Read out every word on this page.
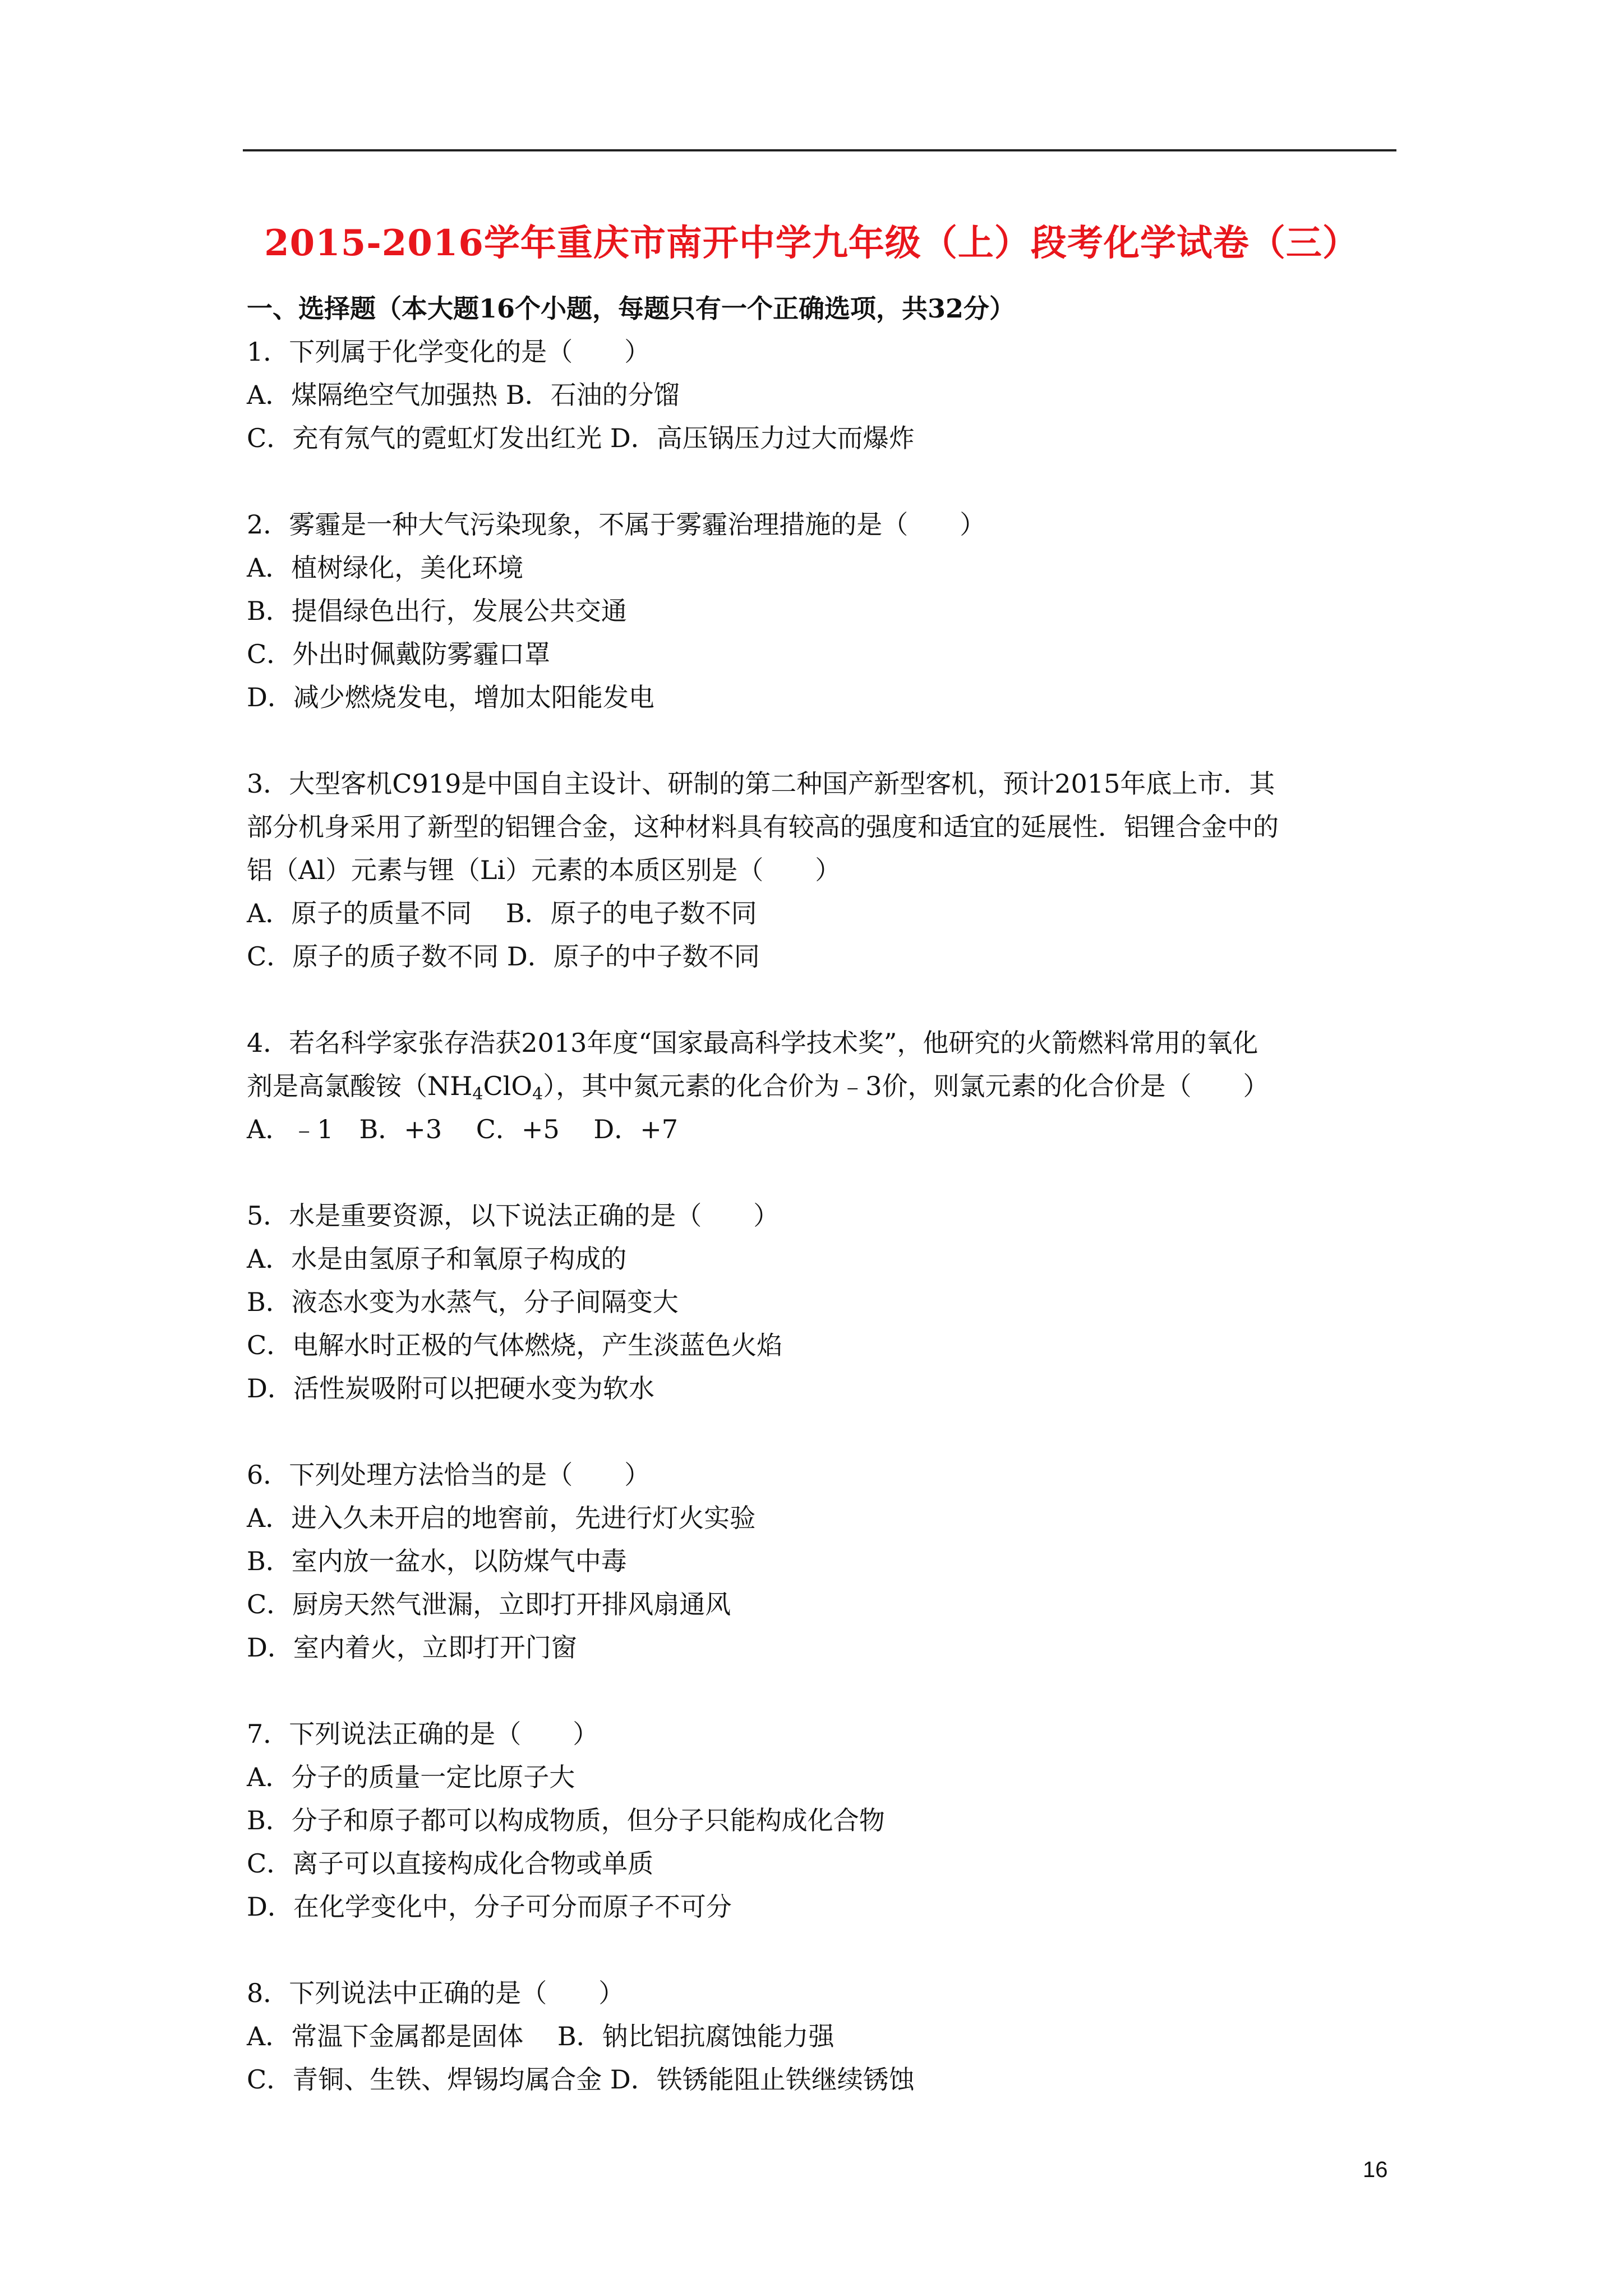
2015-2016学年重庆市南开中学九年级（上）段考化学试卷（三）
一、选择题（本大题16个小题，每题只有一个正确选项，共32分）
1．下列属于化学变化的是（　　）
A．煤隔绝空气加强热 B．石油的分馏
C．充有氖气的霓虹灯发出红光 D．高压锅压力过大而爆炸
2．雾霾是一种大气污染现象，不属于雾霾治理措施的是（　　）
A．植树绿化，美化环境
B．提倡绿色出行，发展公共交通
C．外出时佩戴防雾霾口罩
D．减少燃烧发电，增加太阳能发电
3．大型客机C919是中国自主设计、研制的第二种国产新型客机，预计2015年底上市．其
部分机身采用了新型的铝锂合金，这种材料具有较高的强度和适宜的延展性．铝锂合金中的
铝（Al）元素与锂（Li）元素的本质区别是（　　）
A．原子的质量不同　 B．原子的电子数不同
C．原子的质子数不同 D．原子的中子数不同
4．若名科学家张存浩获2013年度“国家最高科学技术奖”，他研究的火箭燃料常用的氧化
剂是高氯酸铵$(NH_4ClO_4)$，其中氮元素的化合价为﹣3价，则氯元素的化合价是（　　）
A．﹣1　B．+3　 C．+5　 D．+7
5．水是重要资源，以下说法正确的是（　　）
A．水是由氢原子和氧原子构成的
B．液态水变为水蒸气，分子间隔变大
C．电解水时正极的气体燃烧，产生淡蓝色火焰
D．活性炭吸附可以把硬水变为软水
6．下列处理方法恰当的是（　　）
A．进入久未开启的地窖前，先进行灯火实验
B．室内放一盆水，以防煤气中毒
C．厨房天然气泄漏，立即打开排风扇通风
D．室内着火，立即打开门窗
7．下列说法正确的是（　　）
A．分子的质量一定比原子大
B．分子和原子都可以构成物质，但分子只能构成化合物
C．离子可以直接构成化合物或单质
D．在化学变化中，分子可分而原子不可分
8．下列说法中正确的是（　　）
A．常温下金属都是固体　 B．钠比铝抗腐蚀能力强
C．青铜、生铁、焊锡均属合金 D．铁锈能阻止铁继续锈蚀
16
